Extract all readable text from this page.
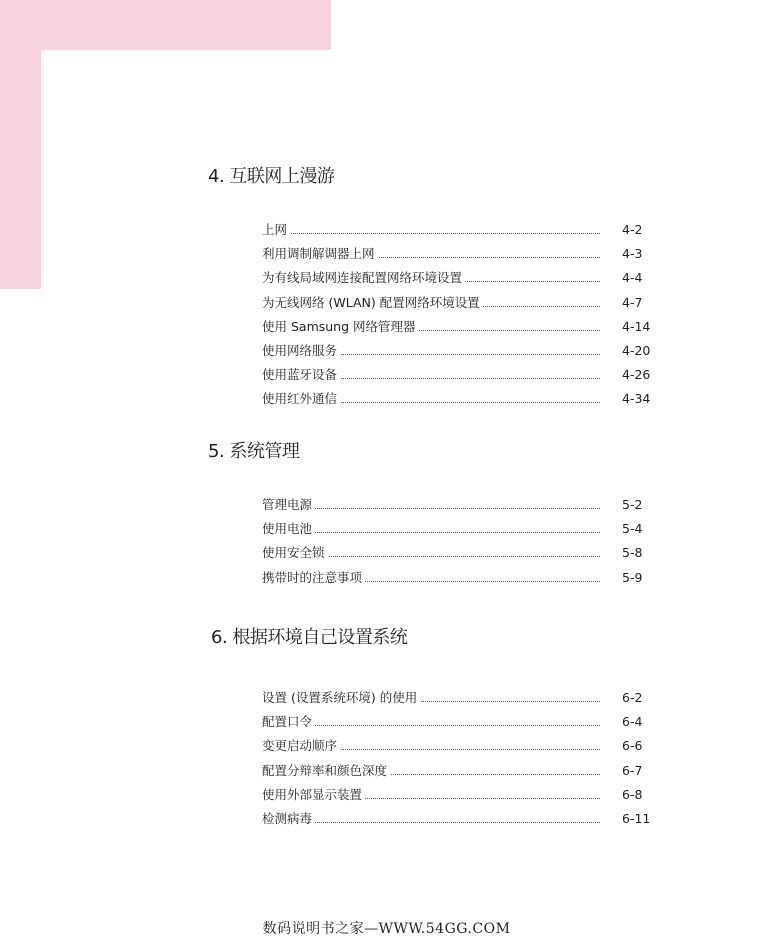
4. 互联网上漫游
上网	4-2
利用调制解调器上网	4-3
为有线局域网连接配置网络环境设置	4-4
为无线网络 (WLAN) 配置网络环境设置	4-7
使用 Samsung 网络管理器	4-14
使用网络服务	4-20
使用蓝牙设备	4-26
使用红外通信	4-34
5. 系统管理
管理电源	5-2
使用电池	5-4
使用安全锁	5-8
携带时的注意事项	5-9
6. 根据环境自己设置系统
设置 (设置系统环境) 的使用	6-2
配置口令	6-4
变更启动顺序	6-6
配置分辩率和颜色深度	6-7
使用外部显示装置	6-8
检测病毒	6-11
数码说明书之家—WWW.54GG.COM
